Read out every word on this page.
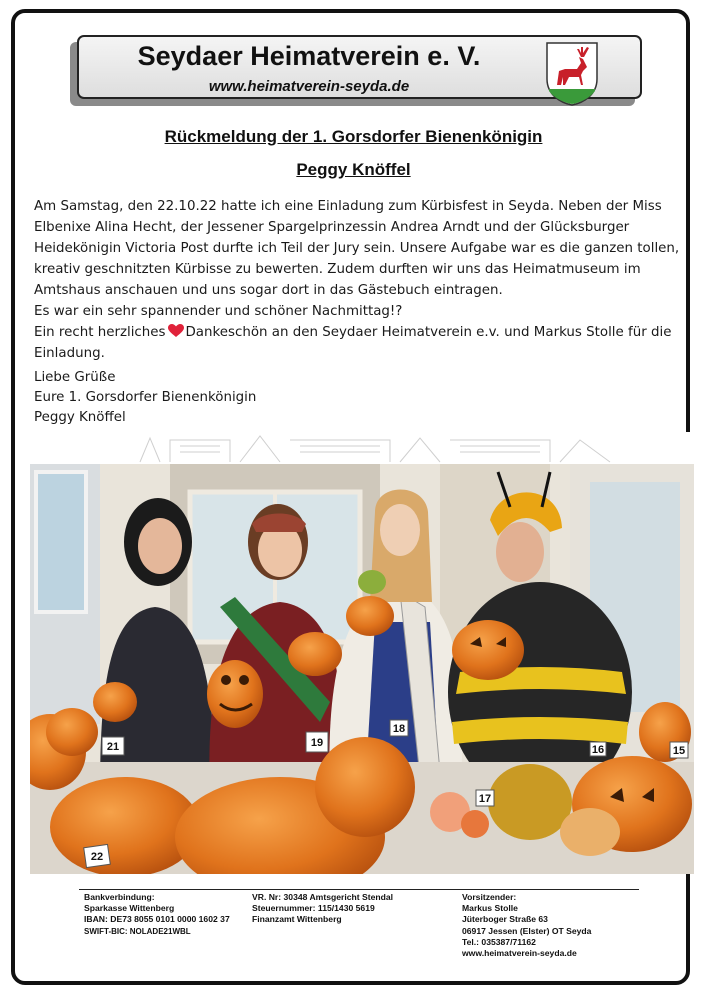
Seydaer Heimatverein e. V.
www.heimatverein-seyda.de
Rückmeldung der 1. Gorsdorfer Bienenkönigin
Peggy Knöffel

Am Samstag, den 22.10.22 hatte ich eine Einladung zum Kürbisfest in Seyda. Neben der Miss Elbenixe Alina Hecht, der Jessener Spargelprinzessin Andrea Arndt und der Glücksburger Heidekönigin Victoria Post durfte ich Teil der Jury sein. Unsere Aufgabe war es die ganzen tollen, kreativ geschnitzten Kürbisse zu bewerten. Zudem durften wir uns das Heimatmuseum im Amtshaus anschauen und uns sogar dort in das Gästebuch eintragen.

Es war ein sehr spannender und schöner Nachmittag!?

Ein recht herzliches Dankeschön an den Seydaer Heimatverein e.v. und Markus Stolle für die Einladung.

Liebe Grüße
Eure 1. Gorsdorfer Bienenkönigin
Peggy Knöffel
21	19
18
17
22
16	15
Bankverbindung:
Sparkasse Wittenberg
IBAN: DE73 8055 0101 0000 1602 37
SWIFT-BIC: NOLADE21WBL
VR. Nr: 30348 Amtsgericht Stendal
Steuernummer: 115/1430 5619
Finanzamt Wittenberg
Vorsitzender:
Markus Stolle
Jüterboger Straße 63
06917 Jessen (Elster) OT Seyda
Tel.: 035387/71162
www.heimatverein-seyda.de
